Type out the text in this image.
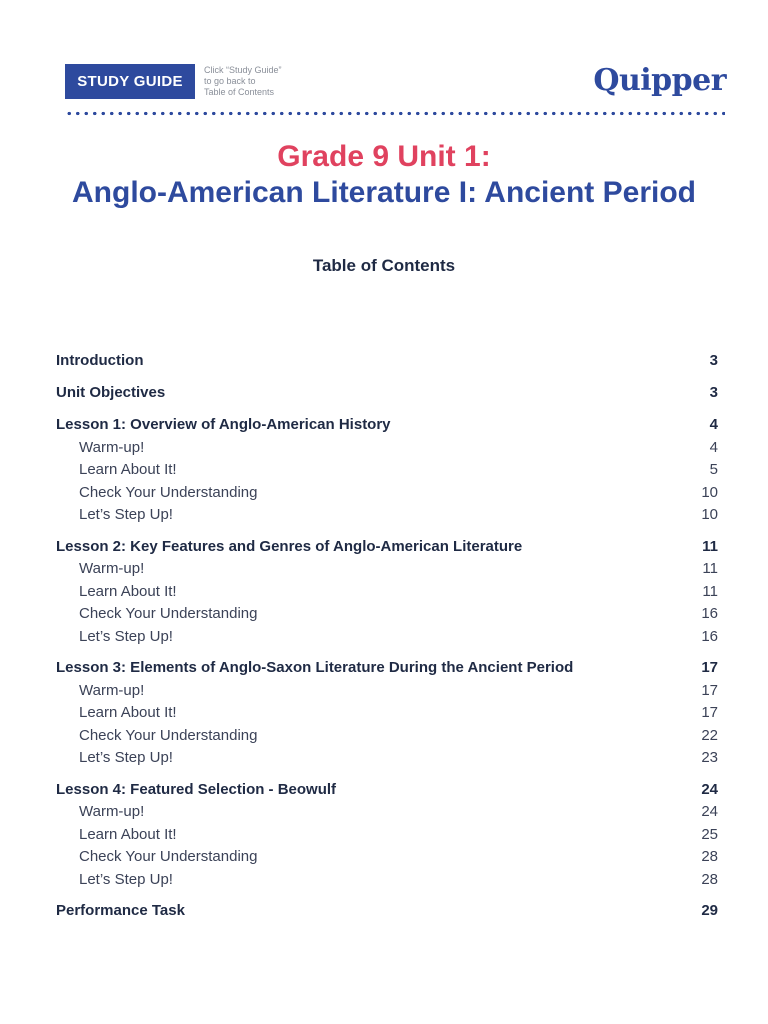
STUDY GUIDE
Click “Study Guide”
to go back to
Table of Contents	Quipper
Grade 9 Unit 1:
Anglo-American Literature I: Ancient Period
Table of Contents
Introduction	3
Unit Objectives	3
Lesson 1: Overview of Anglo-American History	4
Warm-up!	4
Learn About It!	5
Check Your Understanding	10
Let’s Step Up!	10
Lesson 2: Key Features and Genres of Anglo-American Literature	11
Warm-up!	11
Learn About It!	11
Check Your Understanding	16
Let’s Step Up!	16
Lesson 3: Elements of Anglo-Saxon Literature During the Ancient Period	17
Warm-up!	17
Learn About It!	17
Check Your Understanding	22
Let’s Step Up!	23
Lesson 4: Featured Selection - Beowulf	24
Warm-up!	24
Learn About It!	25
Check Your Understanding	28
Let’s Step Up!	28
Performance Task	29
